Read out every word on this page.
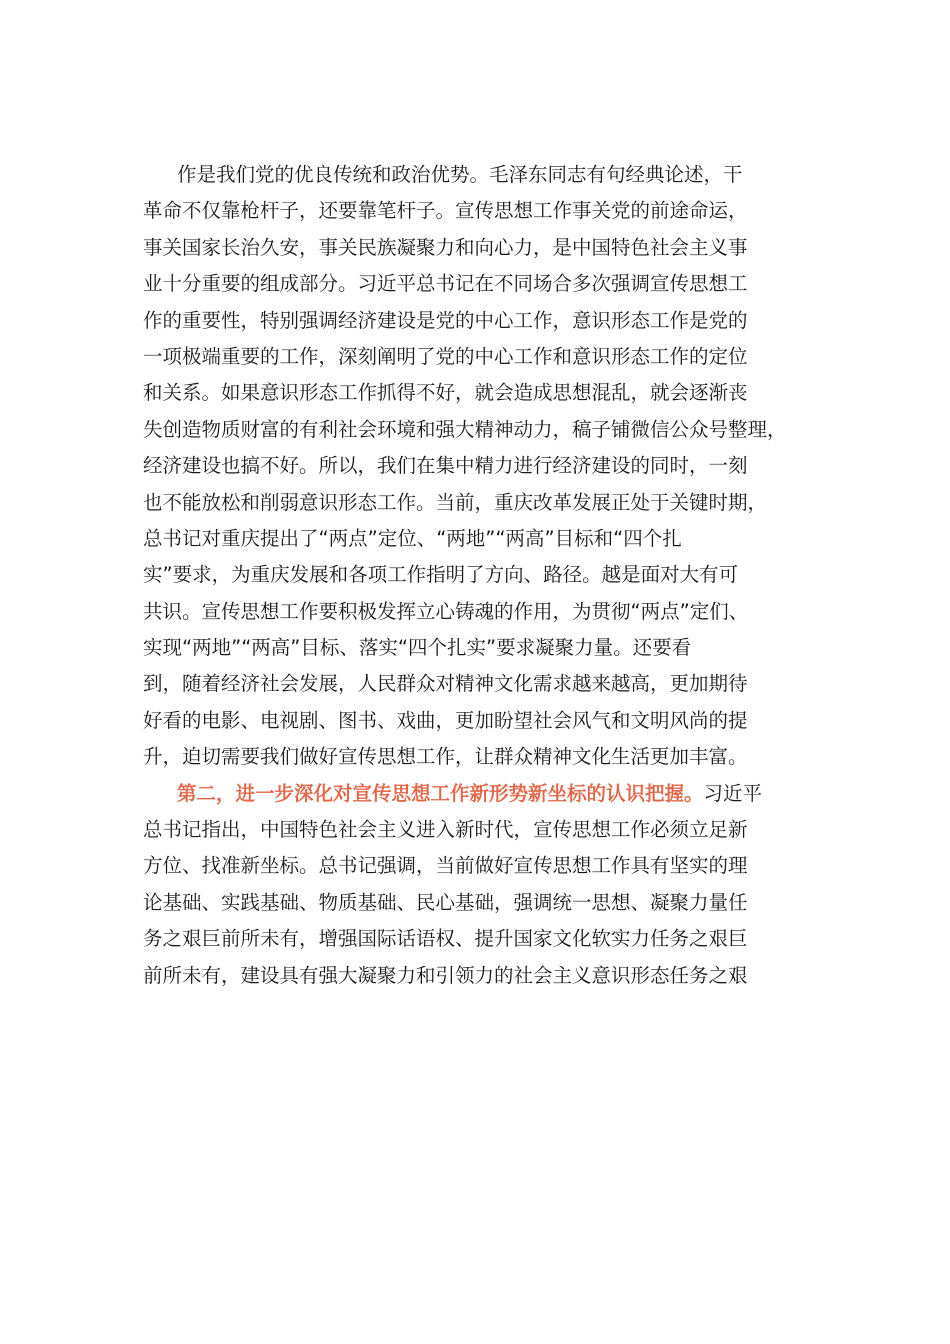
作是我们党的优良传统和政治优势。毛泽东同志有句经典论述，干
革命不仅靠枪杆子，还要靠笔杆子。宣传思想工作事关党的前途命运，
事关国家长治久安，事关民族凝聚力和向心力，是中国特色社会主义事
业十分重要的组成部分。习近平总书记在不同场合多次强调宣传思想工
作的重要性，特别强调经济建设是党的中心工作，意识形态工作是党的
一项极端重要的工作，深刻阐明了党的中心工作和意识形态工作的定位
和关系。如果意识形态工作抓得不好，就会造成思想混乱，就会逐渐丧
失创造物质财富的有利社会环境和强大精神动力，稿子铺微信公众号整理，
经济建设也搞不好。所以，我们在集中精力进行经济建设的同时，一刻
也不能放松和削弱意识形态工作。当前，重庆改革发展正处于关键时期，
总书记对重庆提出了“两点”定位、“两地”“两高”目标和“四个扎
实”要求，为重庆发展和各项工作指明了方向、路径。越是面对大有可
共识。宣传思想工作要积极发挥立心铸魂的作用，为贯彻“两点”定们、
实现“两地”“两高”目标、落实“四个扎实”要求凝聚力量。还要看
到，随着经济社会发展，人民群众对精神文化需求越来越高，更加期待
好看的电影、电视剧、图书、戏曲，更加盼望社会风气和文明风尚的提
升，迫切需要我们做好宣传思想工作，让群众精神文化生活更加丰富。
第二，进一步深化对宣传思想工作新形势新坐标的认识把握。习近平
总书记指出，中国特色社会主义进入新时代，宣传思想工作必须立足新
方位、找准新坐标。总书记强调，当前做好宣传思想工作具有坚实的理
论基础、实践基础、物质基础、民心基础，强调统一思想、凝聚力量任
务之艰巨前所未有，增强国际话语权、提升国家文化软实力任务之艰巨
前所未有，建设具有强大凝聚力和引领力的社会主义意识形态任务之艰
